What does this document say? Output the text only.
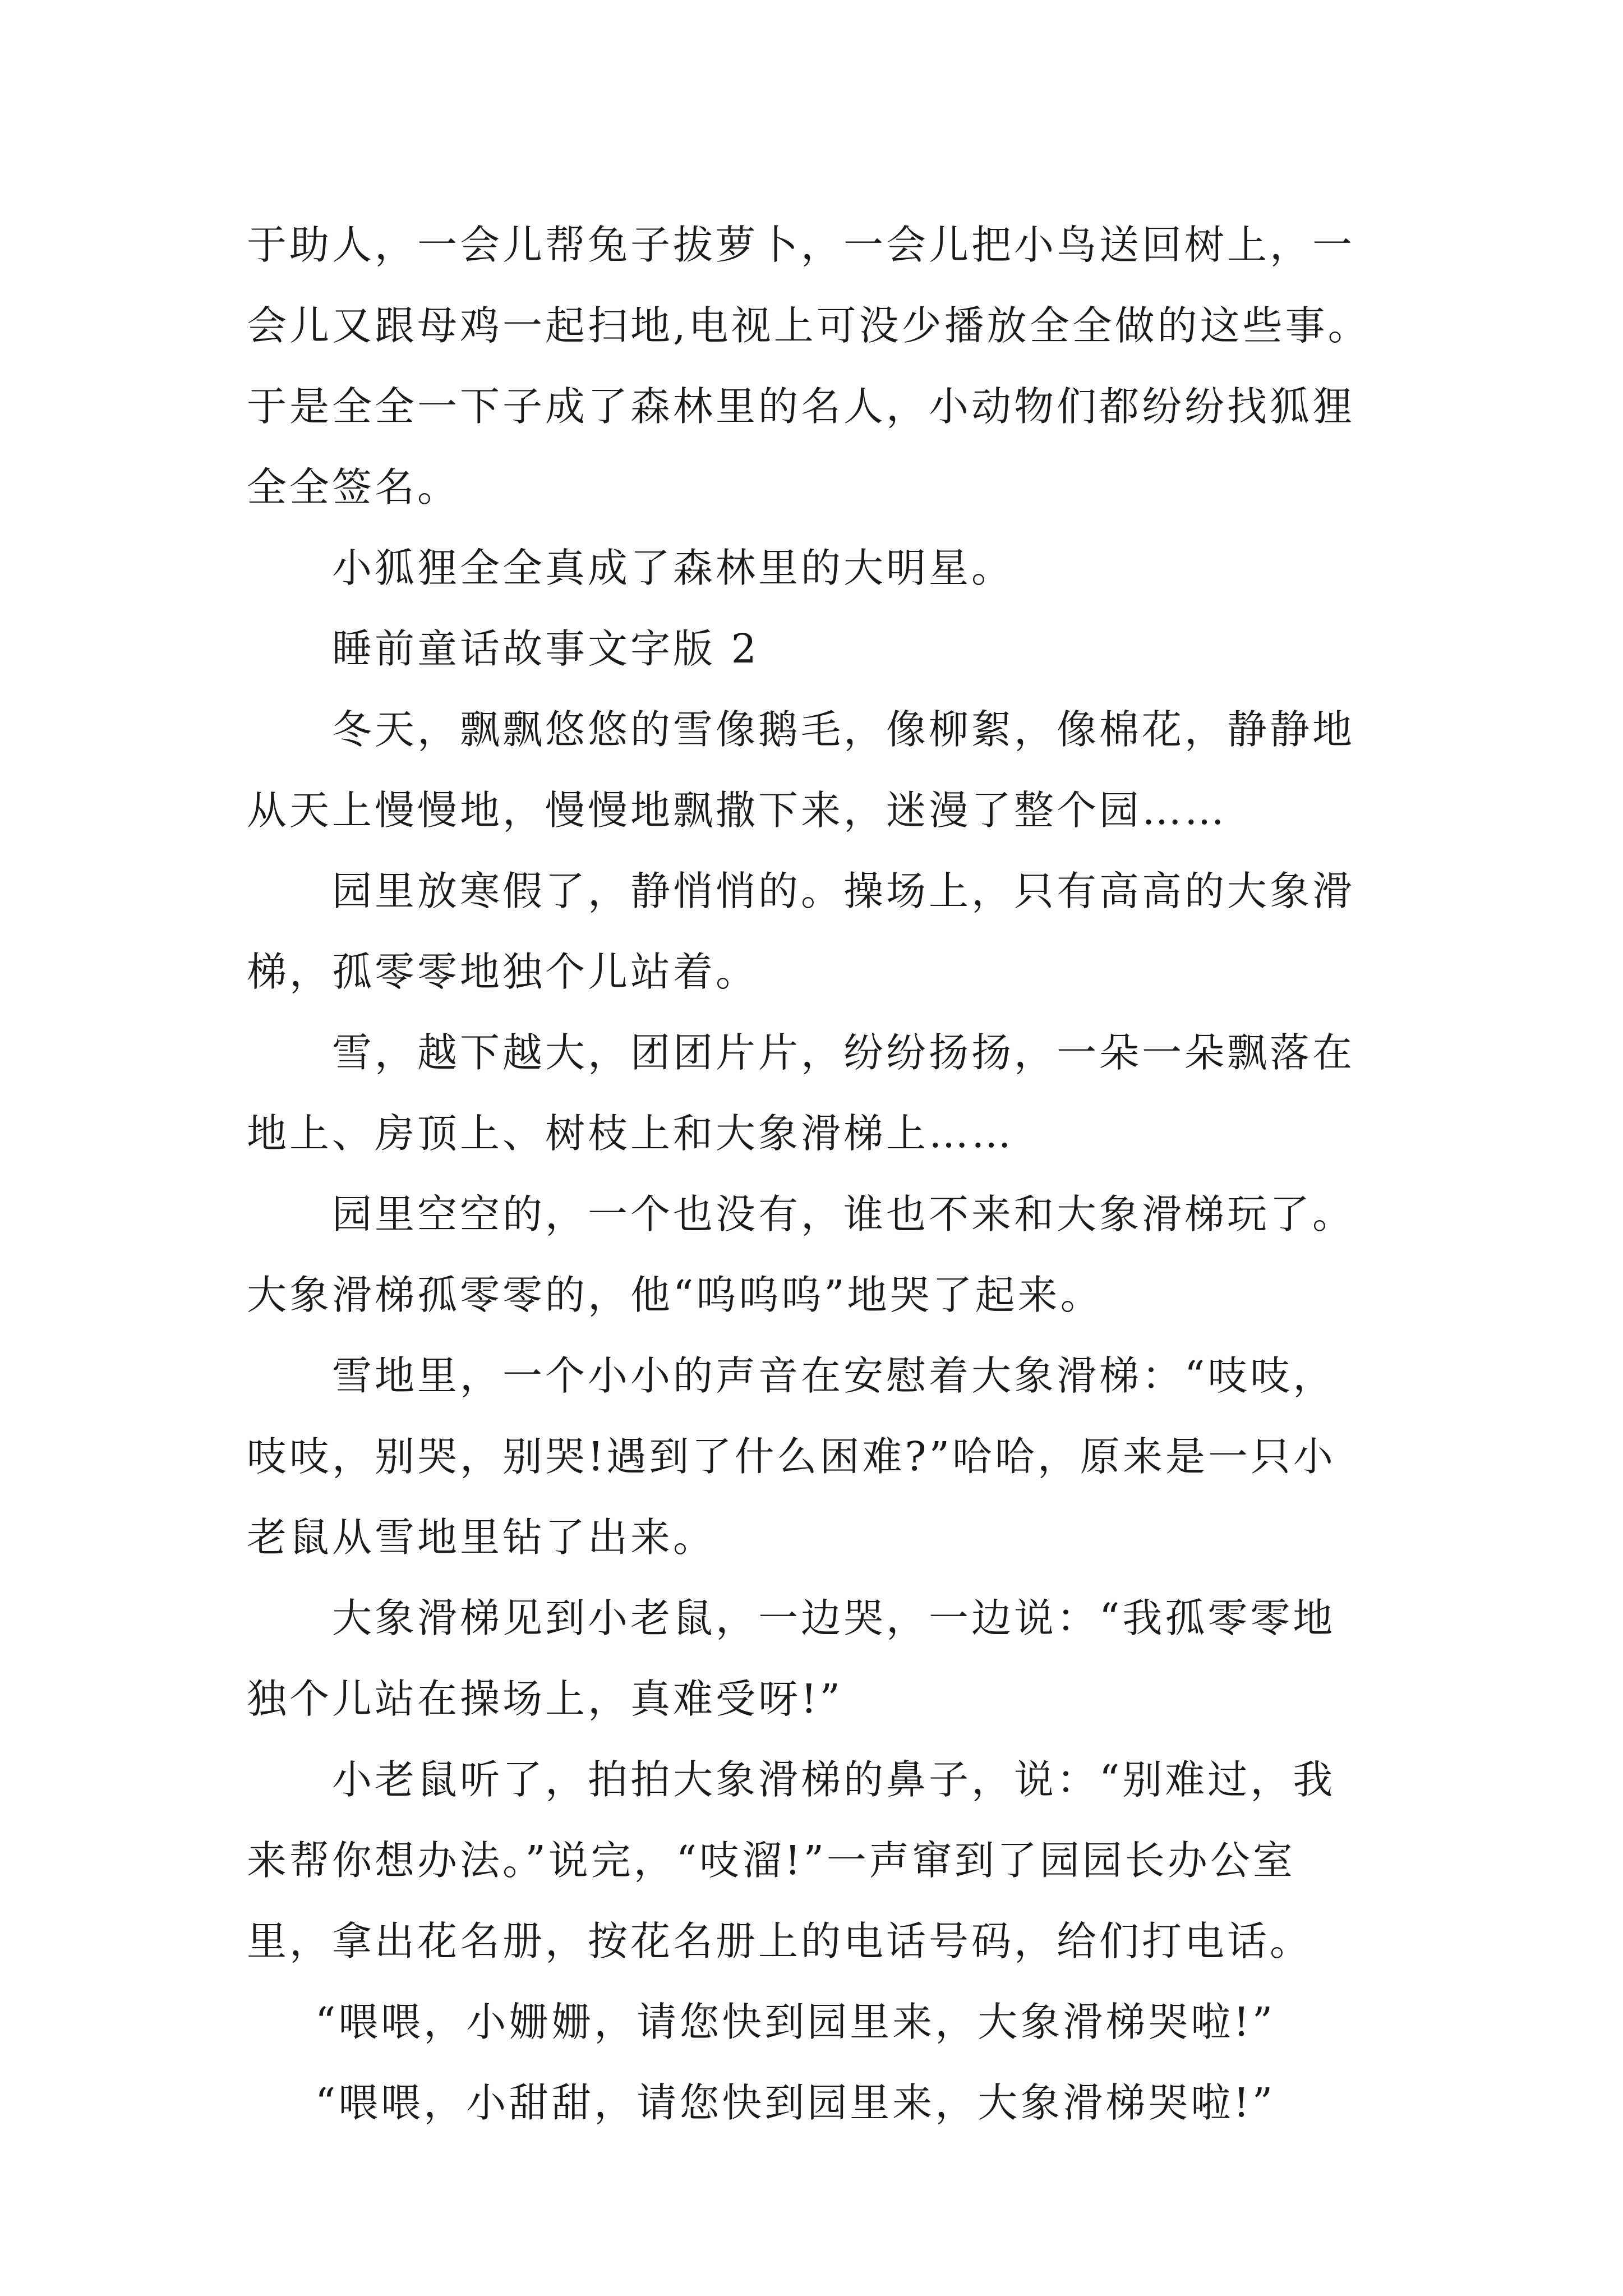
于助人，一会儿帮兔子拔萝卜，一会儿把小鸟送回树上，一
会儿又跟母鸡一起扫地,电视上可没少播放全全做的这些事。
于是全全一下子成了森林里的名人，小动物们都纷纷找狐狸
全全签名。
小狐狸全全真成了森林里的大明星。
睡前童话故事文字版 2
冬天，飘飘悠悠的雪像鹅毛，像柳絮，像棉花，静静地
从天上慢慢地，慢慢地飘撒下来，迷漫了整个园……
园里放寒假了，静悄悄的。操场上，只有高高的大象滑
梯，孤零零地独个儿站着。
雪，越下越大，团团片片，纷纷扬扬，一朵一朵飘落在
地上、房顶上、树枝上和大象滑梯上……
园里空空的，一个也没有，谁也不来和大象滑梯玩了。
大象滑梯孤零零的，他“呜呜呜”地哭了起来。
雪地里，一个小小的声音在安慰着大象滑梯：“吱吱，
吱吱，别哭，别哭!遇到了什么困难?”哈哈，原来是一只小
老鼠从雪地里钻了出来。
大象滑梯见到小老鼠，一边哭，一边说：“我孤零零地
独个儿站在操场上，真难受呀!”
小老鼠听了，拍拍大象滑梯的鼻子，说：“别难过，我
来帮你想办法。”说完，“吱溜!”一声窜到了园园长办公室
里，拿出花名册，按花名册上的电话号码，给们打电话。
“喂喂，小姗姗，请您快到园里来，大象滑梯哭啦!”
“喂喂，小甜甜，请您快到园里来，大象滑梯哭啦!”
